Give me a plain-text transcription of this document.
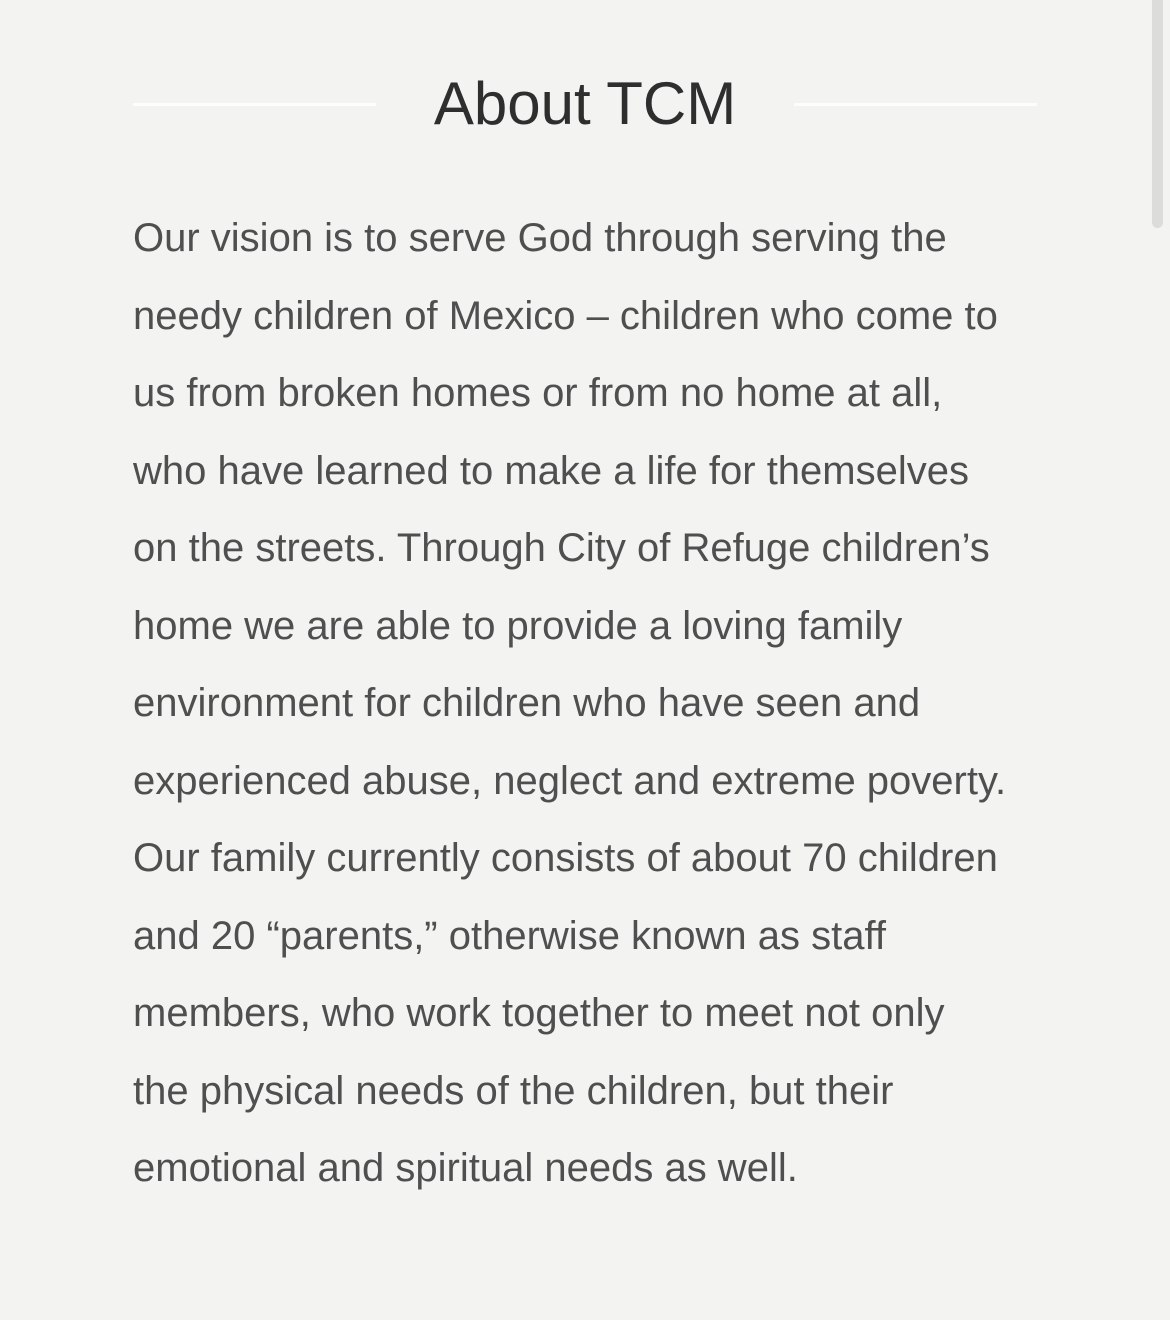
About TCM

Our vision is to serve God through serving the needy children of Mexico – children who come to us from broken homes or from no home at all, who have learned to make a life for themselves on the streets. Through City of Refuge children’s home we are able to provide a loving family environment for children who have seen and experienced abuse, neglect and extreme poverty. Our family currently consists of about 70 children and 20 “parents,” otherwise known as staff members, who work together to meet not only the physical needs of the children, but their emotional and spiritual needs as well.
